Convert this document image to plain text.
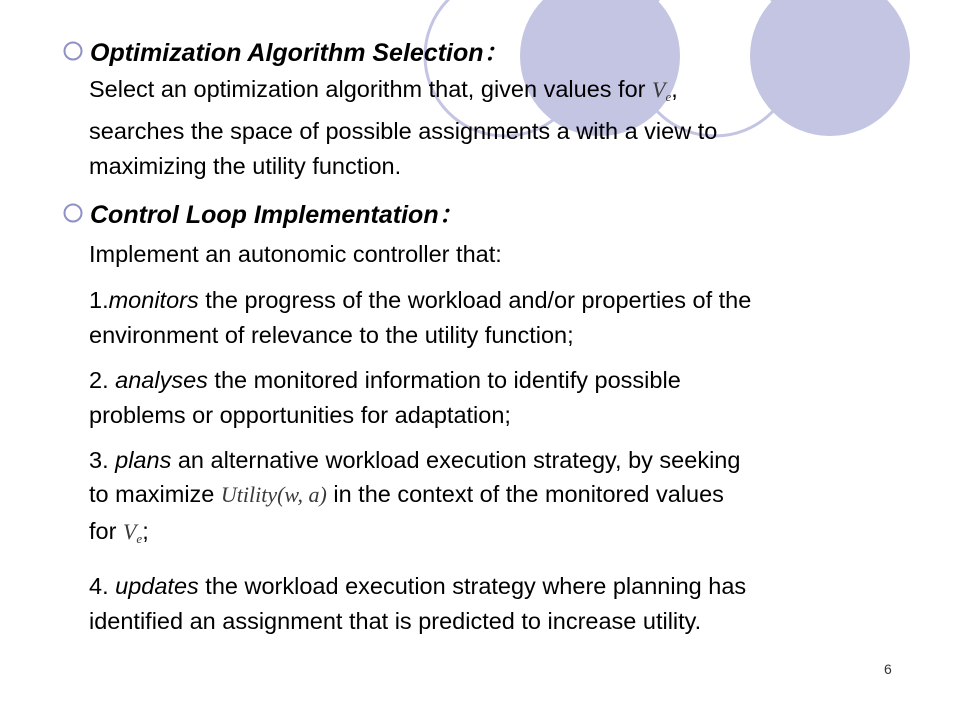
Optimization Algorithm Selection：
Select an optimization algorithm that, given values for $V_e$,
searches the space of possible assignments a with a view to
maximizing the utility function.
Control Loop Implementation：
Implement an autonomic controller that:
1.monitors the progress of the workload and/or properties of the
environment of relevance to the utility function;
2. analyses the monitored information to identify possible
problems or opportunities for adaptation;
3. plans an alternative workload execution strategy, by seeking
to maximize Utility(w, a) in the context of the monitored values
for $V_e$;
4. updates the workload execution strategy where planning has
identified an assignment that is predicted to increase utility.
6
